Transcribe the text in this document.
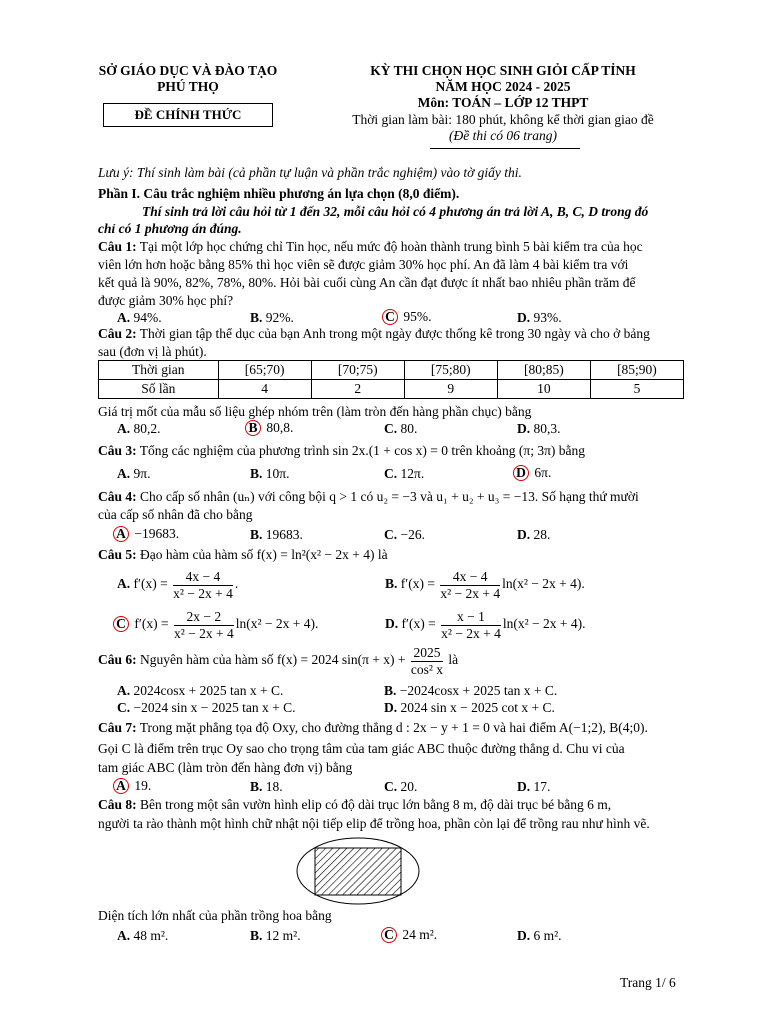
SỞ GIÁO DỤC VÀ ĐÀO TẠO
PHÚ THỌ
ĐỀ CHÍNH THỨC
KỲ THI CHỌN HỌC SINH GIỎI CẤP TỈNH
NĂM HỌC 2024 - 2025
Môn: TOÁN – LỚP 12 THPT
Thời gian làm bài: 180 phút, không kể thời gian giao đề
(Đề thi có 06 trang)
Lưu ý: Thí sinh làm bài (cả phần tự luận và phần trắc nghiệm) vào tờ giấy thi.
Phần I. Câu trắc nghiệm nhiều phương án lựa chọn (8,0 điểm).
Thí sinh trả lời câu hỏi từ 1 đến 32, mỗi câu hỏi có 4 phương án trả lời A, B, C, D trong đó
chỉ có 1 phương án đúng.
Câu 1: Tại một lớp học chứng chỉ Tin học, nếu mức độ hoàn thành trung bình 5 bài kiểm tra của học
viên lớn hơn hoặc bằng 85% thì học viên sẽ được giảm 30% học phí. An đã làm 4 bài kiểm tra với
kết quả là 90%, 82%, 78%, 80%. Hỏi bài cuối cùng An cần đạt được ít nhất bao nhiêu phần trăm để
được giảm 30% học phí?
A. 94%.	B. 92%.	C 95%.	D. 93%.
Câu 2: Thời gian tập thể dục của bạn Anh trong một ngày được thống kê trong 30 ngày và cho ở bảng
sau (đơn vị là phút).
Thời gian	[65;70)	[70;75)	[75;80)	[80;85)	[85;90)
Số lần	4	2	9	10	5
Giá trị mốt của mẫu số liệu ghép nhóm trên (làm tròn đến hàng phần chục) bằng
A. 80,2.	B 80,8.	C. 80.	D. 80,3.
Câu 3: Tổng các nghiệm của phương trình sin 2x.(1 + cos x) = 0 trên khoảng (π; 3π) bằng
A. 9π.	B. 10π.	C. 12π.	D 6π.
Câu 4: Cho cấp số nhân (uₙ) với công bội q > 1 có u₂ = −3 và u₁ + u₂ + u₃ = −13. Số hạng thứ mười
của cấp số nhân đã cho bằng
A −19683.	B. 19683.	C. −26.	D. 28.
Câu 5: Đạo hàm của hàm số f(x) = ln²(x² − 2x + 4) là
A. $f'(x) = \frac{4x - 4}{\text{x² − 2x + 4}}$ .	B. $f'(x) = \frac{4x - 4}{\text{x² − 2x + 4}} \ln(x^2 - 2x + 4)$.
C $f'(x) = \frac{2x - 2}{\text{x² − 2x + 4}} \ln(x^2 - 2x + 4)$.	D. $f'(x) = \frac{x - 1}{\text{x² − 2x + 4}} \ln(x^2 - 2x + 4)$.
Câu 6: Nguyên hàm của hàm số f(x) = 2024 $\sin(\pi + x) + \frac{2025}{\text{cos² x}}$ là
A. 2024cosx + 2025 tan x + C.	B. −2024cosx + 2025 tan x + C.
C. −2024 sin x − 2025 tan x + C.	D. 2024 sin x − 2025 cot x + C.
Câu 7: Trong mặt phẳng tọa độ Oxy, cho đường thẳng d : 2x − y + 1 = 0 và hai điểm A(−1;2), B(4;0).
Gọi C là điểm trên trục Oy sao cho trọng tâm của tam giác ABC thuộc đường thẳng d. Chu vi của
tam giác ABC (làm tròn đến hàng đơn vị) bằng
A 19.	B. 18.	C. 20.	D. 17.
Câu 8: Bên trong một sân vườn hình elip có độ dài trục lớn bằng 8 m, độ dài trục bé bằng 6 m,
người ta rào thành một hình chữ nhật nội tiếp elip để trồng hoa, phần còn lại để trồng rau như hình vẽ.
Diện tích lớn nhất của phần trồng hoa bằng
A. 48 m².	B. 12 m².	C 24 m².	D. 6 m².
Trang 1/ 6
